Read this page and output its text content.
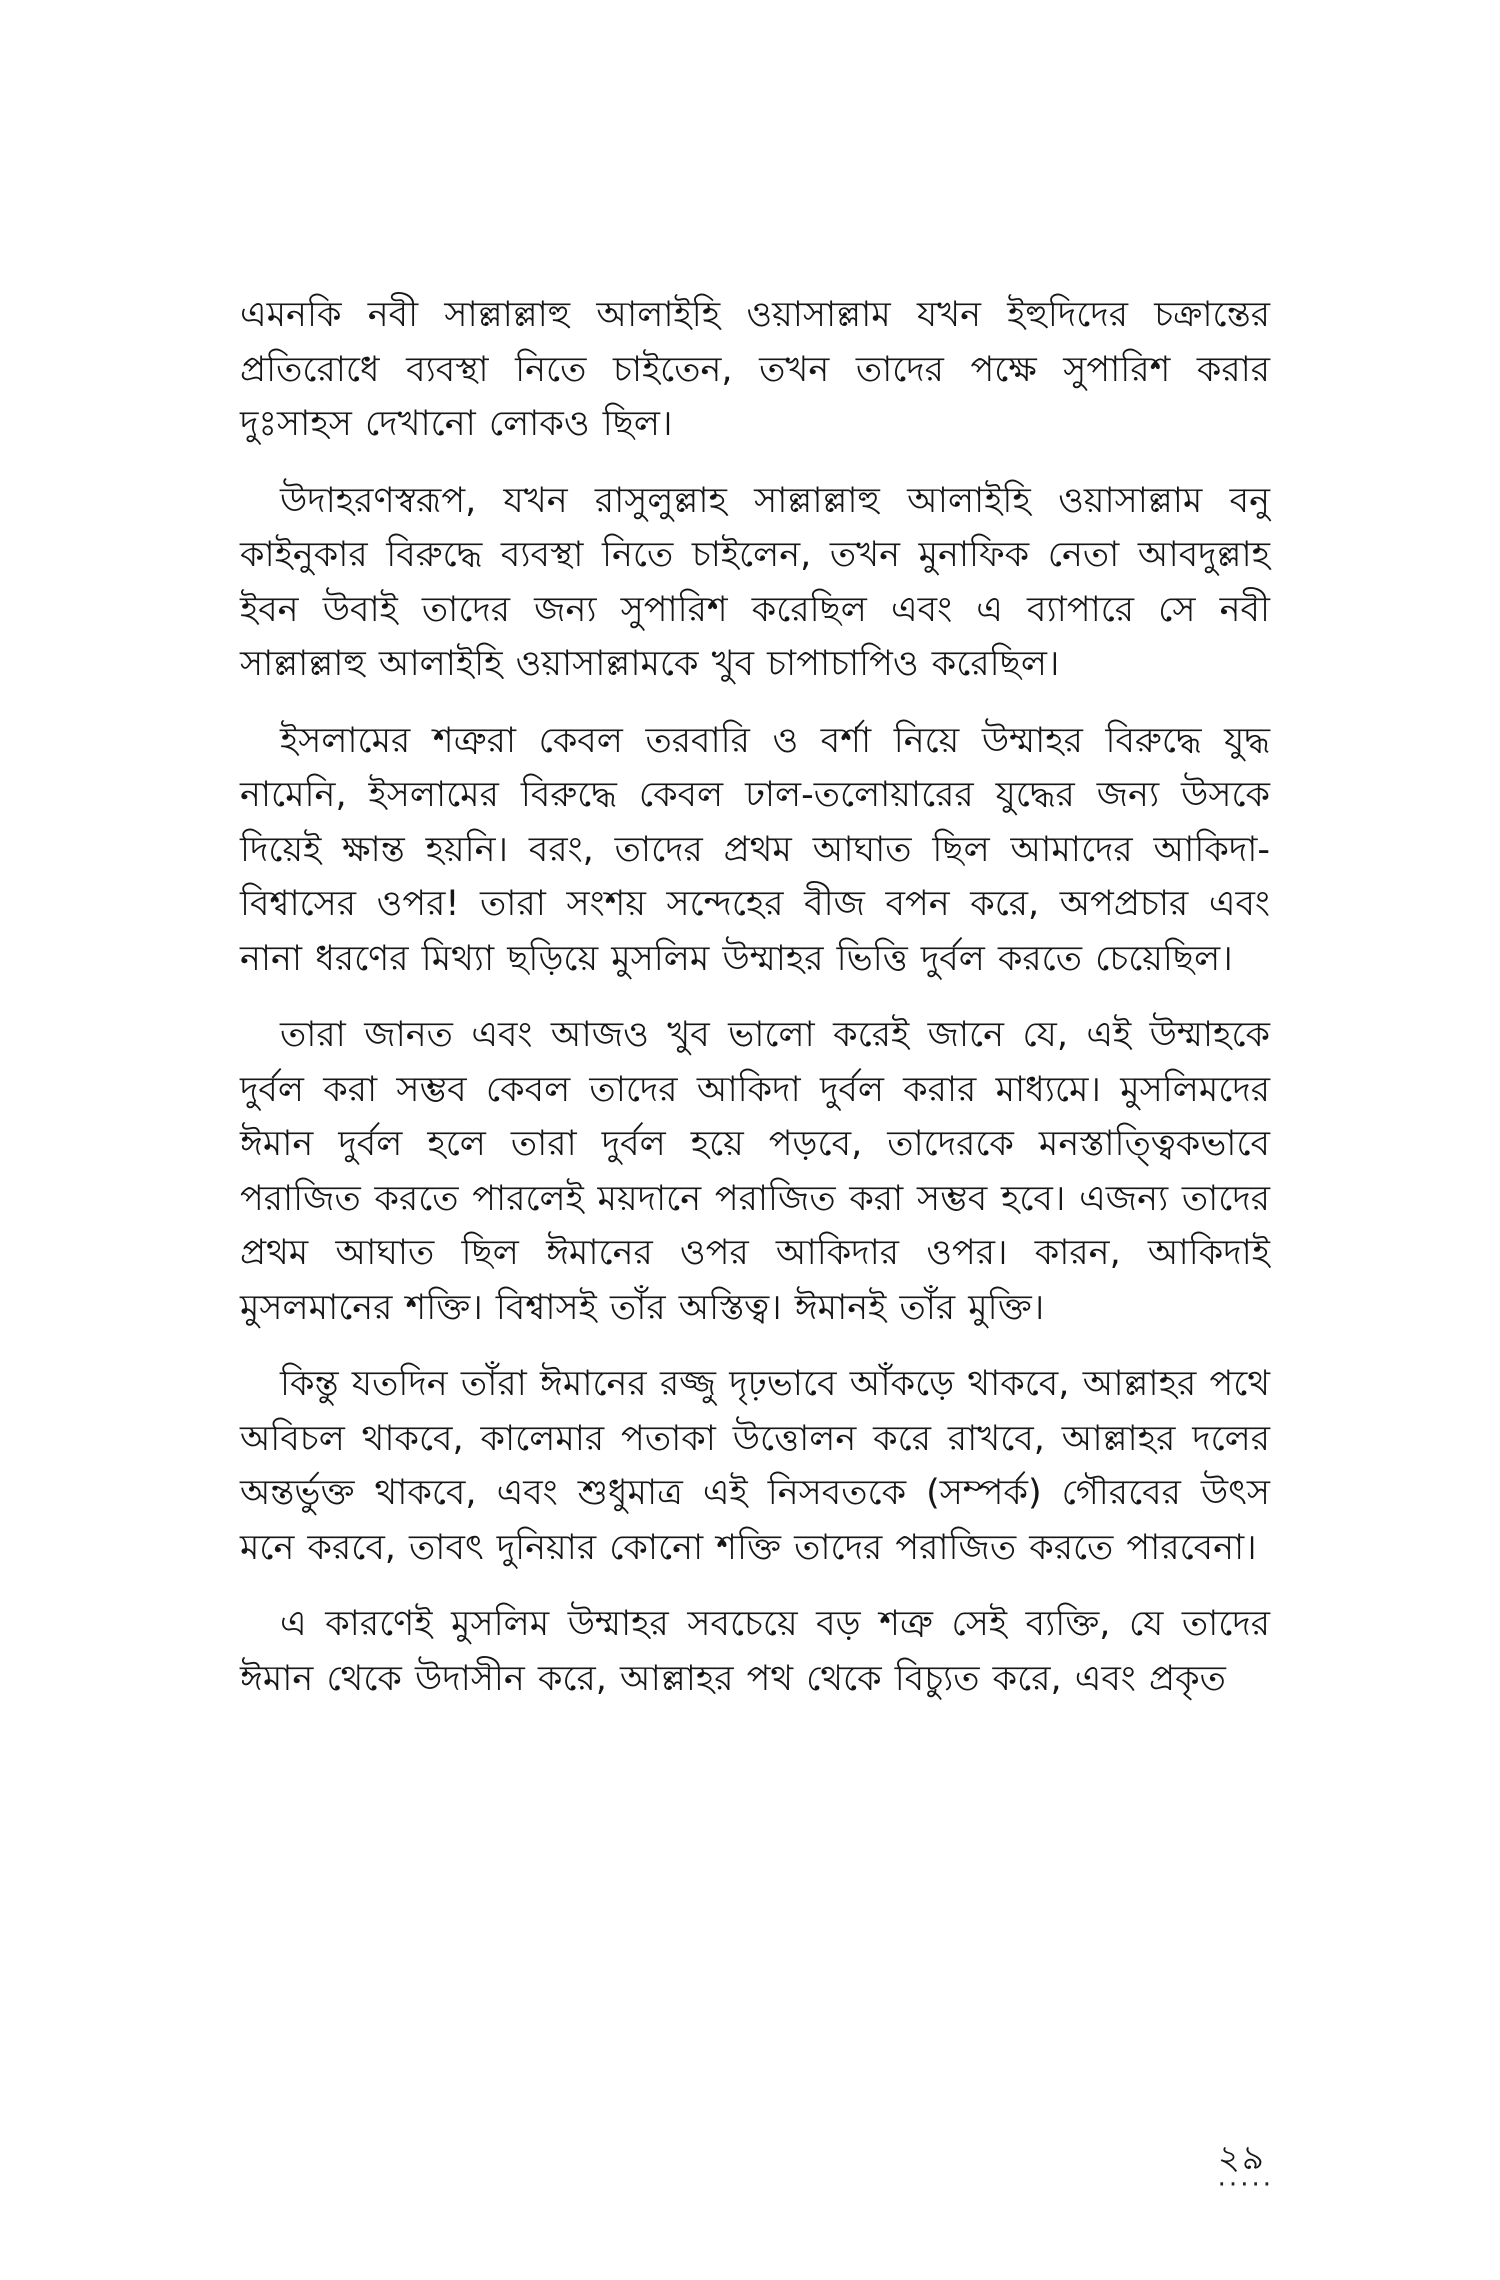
এমনকি নবী সাল্লাল্লাহু আলাইহি ওয়াসাল্লাম যখন ইহুদিদের চক্রান্তের প্রতিরোধে ব্যবস্থা নিতে চাইতেন, তখন তাদের পক্ষে সুপারিশ করার দুঃসাহস দেখানো লোকও ছিল।

উদাহরণস্বরূপ, যখন রাসুলুল্লাহ সাল্লাল্লাহু আলাইহি ওয়াসাল্লাম বনু কাইনুকার বিরুদ্ধে ব্যবস্থা নিতে চাইলেন, তখন মুনাফিক নেতা আবদুল্লাহ ইবন উবাই তাদের জন্য সুপারিশ করেছিল এবং এ ব্যাপারে সে নবী সাল্লাল্লাহু আলাইহি ওয়াসাল্লামকে খুব চাপাচাপিও করেছিল।

ইসলামের শত্রুরা কেবল তরবারি ও বর্শা নিয়ে উম্মাহর বিরুদ্ধে যুদ্ধ নামেনি, ইসলামের বিরুদ্ধে কেবল ঢাল-তলোয়ারের যুদ্ধের জন্য উসকে দিয়েই ক্ষান্ত হয়নি। বরং, তাদের প্রথম আঘাত ছিল আমাদের আকিদা-বিশ্বাসের ওপর! তারা সংশয় সন্দেহের বীজ বপন করে, অপপ্রচার এবং নানা ধরণের মিথ্যা ছড়িয়ে মুসলিম উম্মাহর ভিত্তি দুর্বল করতে চেয়েছিল।

তারা জানত এবং আজও খুব ভালো করেই জানে যে, এই উম্মাহকে দুর্বল করা সম্ভব কেবল তাদের আকিদা দুর্বল করার মাধ্যমে। মুসলিমদের ঈমান দুর্বল হলে তারা দুর্বল হয়ে পড়বে, তাদেরকে মনস্তাত্ত্বিকভাবে পরাজিত করতে পারলেই ময়দানে পরাজিত করা সম্ভব হবে। এজন্য তাদের প্রথম আঘাত ছিল ঈমানের ওপর আকিদার ওপর। কারন, আকিদাই মুসলমানের শক্তি। বিশ্বাসই তাঁর অস্তিত্ব। ঈমানই তাঁর মুক্তি।

কিন্তু যতদিন তাঁরা ঈমানের রজ্জু দৃঢ়ভাবে আঁকড়ে থাকবে, আল্লাহর পথে অবিচল থাকবে, কালেমার পতাকা উত্তোলন করে রাখবে, আল্লাহর দলের অন্তর্ভুক্ত থাকবে, এবং শুধুমাত্র এই নিসবতকে (সম্পর্ক) গৌরবের উৎস মনে করবে, তাবৎ দুনিয়ার কোনো শক্তি তাদের পরাজিত করতে পারবেনা।

এ কারণেই মুসলিম উম্মাহর সবচেয়ে বড় শত্রু সেই ব্যক্তি, যে তাদের ঈমান থেকে উদাসীন করে, আল্লাহর পথ থেকে বিচ্যুত করে, এবং প্রকৃত

২৯
·····
